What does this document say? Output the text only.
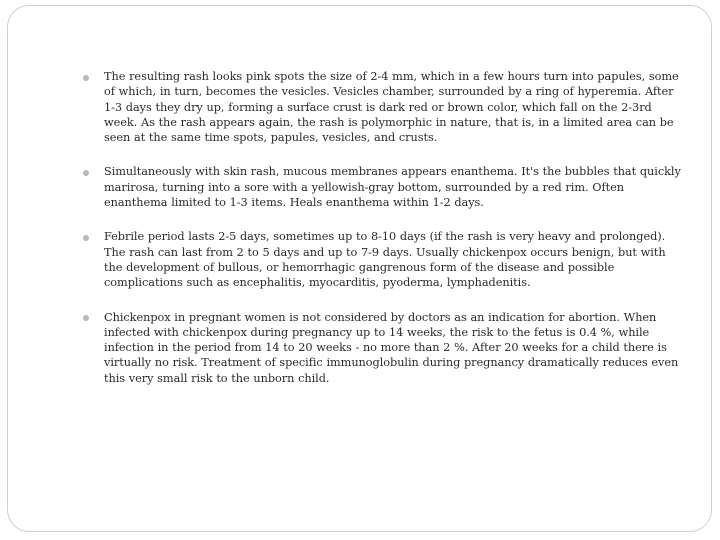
The resulting rash looks pink spots the size of 2-4 mm, which in a few hours turn into papules, some of which, in turn, becomes the vesicles. Vesicles chamber, surrounded by a ring of hyperemia. After 1-3 days they dry up, forming a surface crust is dark red or brown color, which fall on the 2-3rd week. As the rash appears again, the rash is polymorphic in nature, that is, in a limited area can be seen at the same time spots, papules, vesicles, and crusts.
Simultaneously with skin rash, mucous membranes appears enanthema. It's the bubbles that quickly marirosa, turning into a sore with a yellowish-gray bottom, surrounded by a red rim. Often enanthema limited to 1-3 items. Heals enanthema within 1-2 days.
Febrile period lasts 2-5 days, sometimes up to 8-10 days (if the rash is very heavy and prolonged). The rash can last from 2 to 5 days and up to 7-9 days. Usually chickenpox occurs benign, but with the development of bullous, or hemorrhagic gangrenous form of the disease and possible complications such as encephalitis, myocarditis, pyoderma, lymphadenitis.
Chickenpox in pregnant women is not considered by doctors as an indication for abortion. When infected with chickenpox during pregnancy up to 14 weeks, the risk to the fetus is 0.4 %, while infection in the period from 14 to 20 weeks - no more than 2 %. After 20 weeks for a child there is virtually no risk. Treatment of specific immunoglobulin during pregnancy dramatically reduces even this very small risk to the unborn child.
